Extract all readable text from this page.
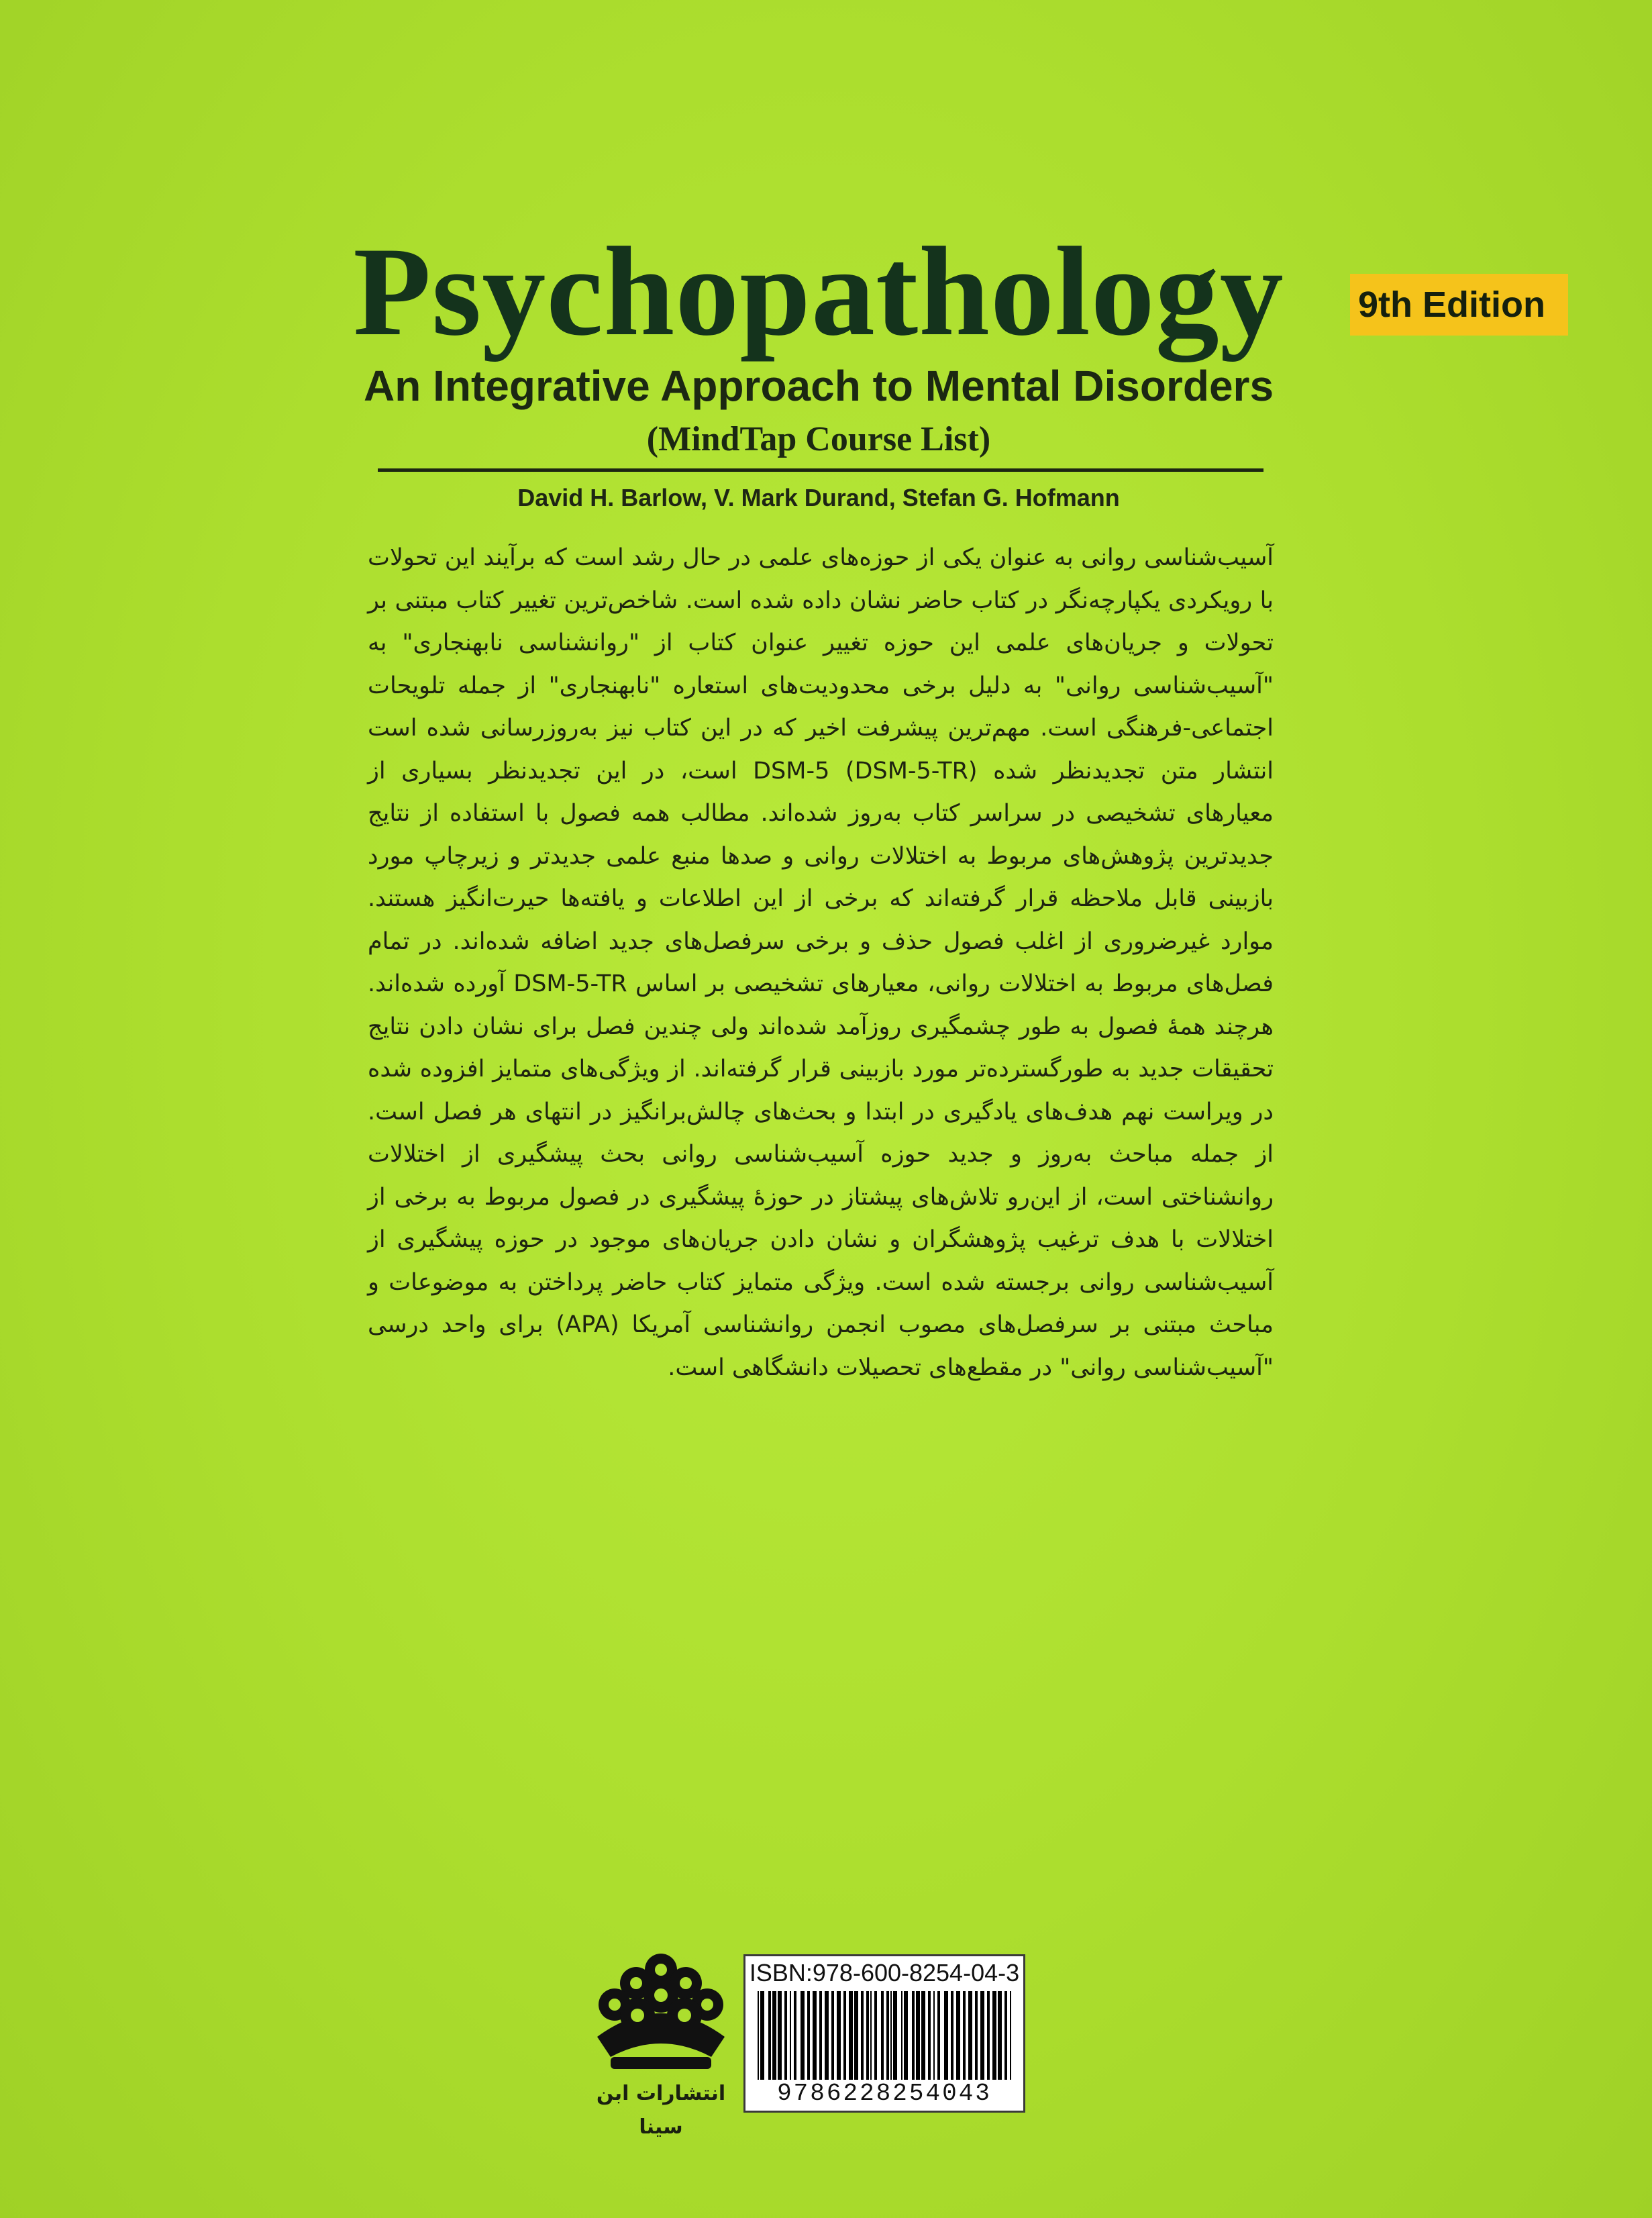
Psychopathology 9th Edition
An Integrative Approach to Mental Disorders
(MindTap Course List)
David H. Barlow, V. Mark Durand, Stefan G. Hofmann

آسیب‌شناسی روانی به عنوان یکی از حوزه‌های علمی در حال رشد است که برآیند این تحولات با رویکردی یکپارچه‌نگر در کتاب حاضر نشان داده شده است. شاخص‌ترین تغییر کتاب مبتنی بر تحولات و جریان‌های علمی این حوزه تغییر عنوان کتاب از "روانشناسی نابهنجاری" به "آسیب‌شناسی روانی" به دلیل برخی محدودیت‌های استعاره "نابهنجاری" از جمله تلویحات اجتماعی-فرهنگی است. مهم‌ترین پیشرفت اخیر که در این کتاب نیز به‌روزرسانی شده است انتشار متن تجدیدنظر شده DSM-5 (DSM-5-TR) است، در این تجدیدنظر بسیاری از معیارهای تشخیصی در سراسر کتاب به‌روز شده‌اند. مطالب همه فصول با استفاده از نتایج جدیدترین پژوهش‌های مربوط به اختلالات روانی و صدها منبع علمی جدیدتر و زیرچاپ مورد بازبینی قابل ملاحظه قرار گرفته‌اند که برخی از این اطلاعات و یافته‌ها حیرت‌انگیز هستند. موارد غیرضروری از اغلب فصول حذف و برخی سرفصل‌های جدید اضافه شده‌اند. در تمام فصل‌های مربوط به اختلالات روانی، معیارهای تشخیصی بر اساس DSM-5-TR آورده شده‌اند. هرچند همهٔ فصول به طور چشمگیری روزآمد شده‌اند ولی چندین فصل برای نشان دادن نتایج تحقیقات جدید به طورگسترده‌تر مورد بازبینی قرار گرفته‌اند. از ویژگی‌های متمایز افزوده شده در ویراست نهم هدف‌های یادگیری در ابتدا و بحث‌های چالش‌برانگیز در انتهای هر فصل است. از جمله مباحث به‌روز و جدید حوزه آسیب‌شناسی روانی بحث پیشگیری از اختلالات روانشناختی است، از این‌رو تلاش‌های پیشتاز در حوزهٔ پیشگیری در فصول مربوط به برخی از اختلالات با هدف ترغیب پژوهشگران و نشان دادن جریان‌های موجود در حوزه پیشگیری از آسیب‌شناسی روانی برجسته شده است. ویژگی متمایز کتاب حاضر پرداختن به موضوعات و مباحث مبتنی بر سرفصل‌های مصوب انجمن روانشناسی آمریکا (APA) برای واحد درسی "آسیب‌شناسی روانی" در مقطع‌های تحصیلات دانشگاهی است.

انتشارات ابن سینا
ISBN:978-600-8254-04-3
9786228254043
